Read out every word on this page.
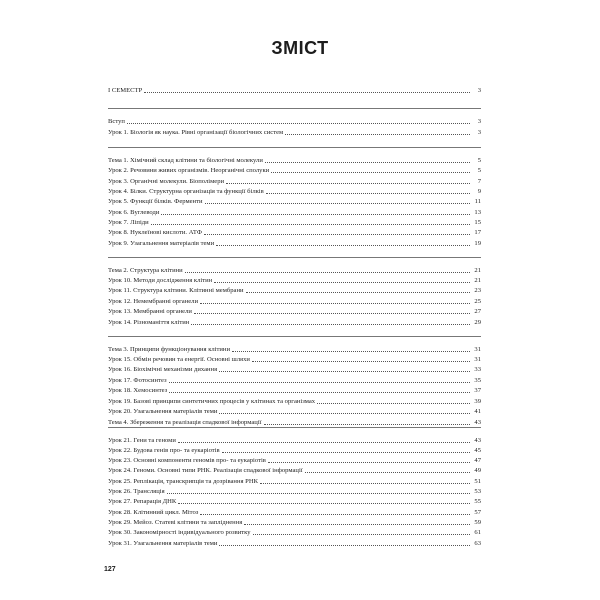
ЗМІСТ
І СЕМЕСТР	3
Вступ	3
Урок 1. Біологія як наука. Рівні організації біологічних систем	3
Тема 1. Хімічний склад клітини та біологічні молекули	5
Урок 2. Речовини живих організмів. Неорганічні сполуки	5
Урок 3. Органічні молекули. Біополімери	7
Урок 4. Білки. Структурна організація та функції білків	9
Урок 5. Функції білків. Ферменти	11
Урок 6. Вуглеводи	13
Урок 7. Ліпіди	15
Урок 8. Нуклеїнові кислоти. АТФ	17
Урок 9. Узагальнення матеріалів теми	19
Тема 2. Структура клітини	21
Урок 10. Методи дослідження клітин	21
Урок 11. Структура клітини. Клітинні мембрани	23
Урок 12. Немембранні органели	25
Урок 13. Мембранні органели	27
Урок 14. Різноманіття клітин	29
Тема 3. Принципи функціонування клітини	31
Урок 15. Обмін речовин та енергії. Основні шляхи	31
Урок 16. Біохімічні механізми дихання	33
Урок 17. Фотосинтез	35
Урок 18. Хемосинтез	37
Урок 19. Базові принципи синтетичних процесів у клітинах та організмах	39
Урок 20. Узагальнення матеріалів теми	41
Тема 4. Збереження та реалізація спадкової інформації	43
Урок 21. Гени та геноми	43
Урок 22. Будова генів про- та еукаріотів	45
Урок 23. Основні компоненти геномів про- та еукаріотів	47
Урок 24. Геноми. Основні типи РНК. Реалізація спадкової інформації	49
Урок 25. Реплікація, транскрипція та дозрівання РНК	51
Урок 26. Трансляція	53
Урок 27. Репарація ДНК	55
Урок 28. Клітинний цикл. Мітоз	57
Урок 29. Мейоз. Статеві клітини та запліднення	59
Урок 30. Закономірності індивідуального розвитку	61
Урок 31. Узагальнення матеріалів теми	63
127
